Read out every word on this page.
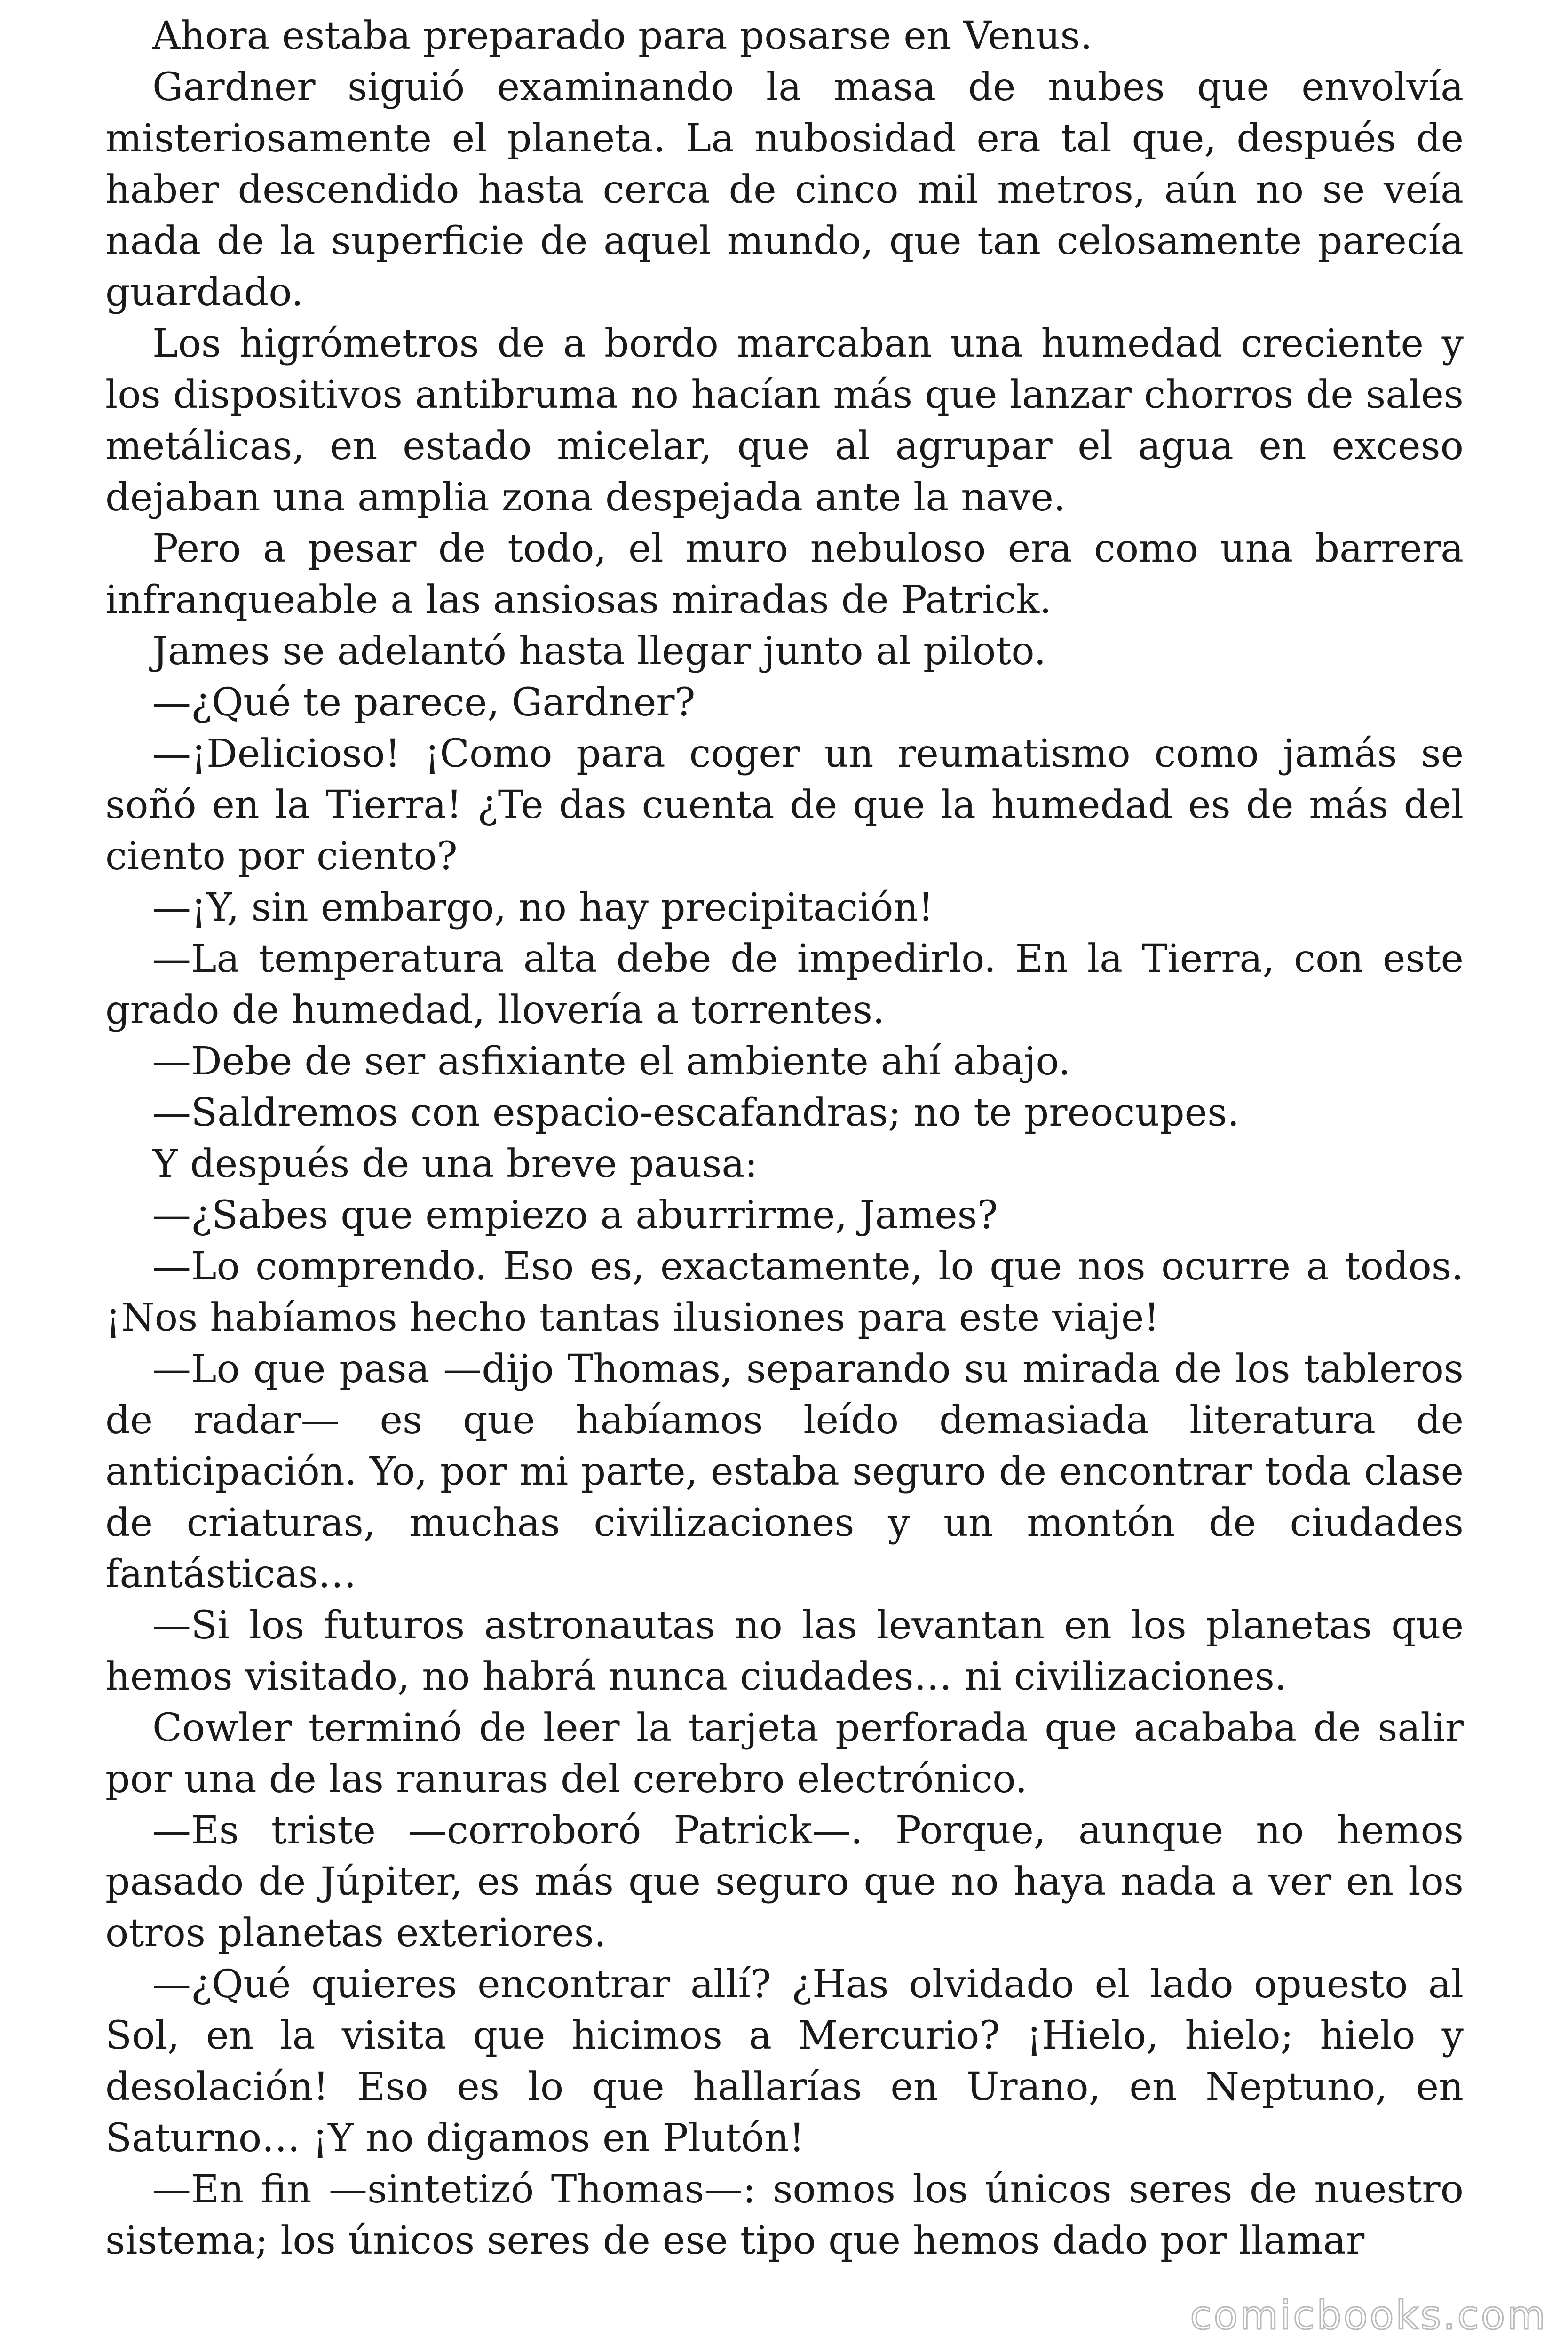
Ahora estaba preparado para posarse en Venus.

Gardner siguió examinando la masa de nubes que envolvía misteriosamente el planeta. La nubosidad era tal que, después de haber descendido hasta cerca de cinco mil metros, aún no se veía nada de la superficie de aquel mundo, que tan celosamente parecía guardado.

Los higrómetros de a bordo marcaban una humedad creciente y los dispositivos antibruma no hacían más que lanzar chorros de sales metálicas, en estado micelar, que al agrupar el agua en exceso dejaban una amplia zona despejada ante la nave.

Pero a pesar de todo, el muro nebuloso era como una barrera infranqueable a las ansiosas miradas de Patrick.

James se adelantó hasta llegar junto al piloto.

—¿Qué te parece, Gardner?

—¡Delicioso! ¡Como para coger un reumatismo como jamás se soñó en la Tierra! ¿Te das cuenta de que la humedad es de más del ciento por ciento?

—¡Y, sin embargo, no hay precipitación!

—La temperatura alta debe de impedirlo. En la Tierra, con este grado de humedad, llovería a torrentes.

—Debe de ser asfixiante el ambiente ahí abajo.

—Saldremos con espacio-escafandras; no te preocupes.

Y después de una breve pausa:

—¿Sabes que empiezo a aburrirme, James?

—Lo comprendo. Eso es, exactamente, lo que nos ocurre a todos. ¡Nos habíamos hecho tantas ilusiones para este viaje!

—Lo que pasa —dijo Thomas, separando su mirada de los tableros de radar— es que habíamos leído demasiada literatura de anticipación. Yo, por mi parte, estaba seguro de encontrar toda clase de criaturas, muchas civilizaciones y un montón de ciudades fantásticas…

—Si los futuros astronautas no las levantan en los planetas que hemos visitado, no habrá nunca ciudades… ni civilizaciones.

Cowler terminó de leer la tarjeta perforada que acababa de salir por una de las ranuras del cerebro electrónico.

—Es triste —corroboró Patrick—. Porque, aunque no hemos pasado de Júpiter, es más que seguro que no haya nada a ver en los otros planetas exteriores.

—¿Qué quieres encontrar allí? ¿Has olvidado el lado opuesto al Sol, en la visita que hicimos a Mercurio? ¡Hielo, hielo; hielo y desolación! Eso es lo que hallarías en Urano, en Neptuno, en Saturno… ¡Y no digamos en Plutón!

—En fin —sintetizó Thomas—: somos los únicos seres de nuestro sistema; los únicos seres de ese tipo que hemos dado por llamar

comicbooks.com
